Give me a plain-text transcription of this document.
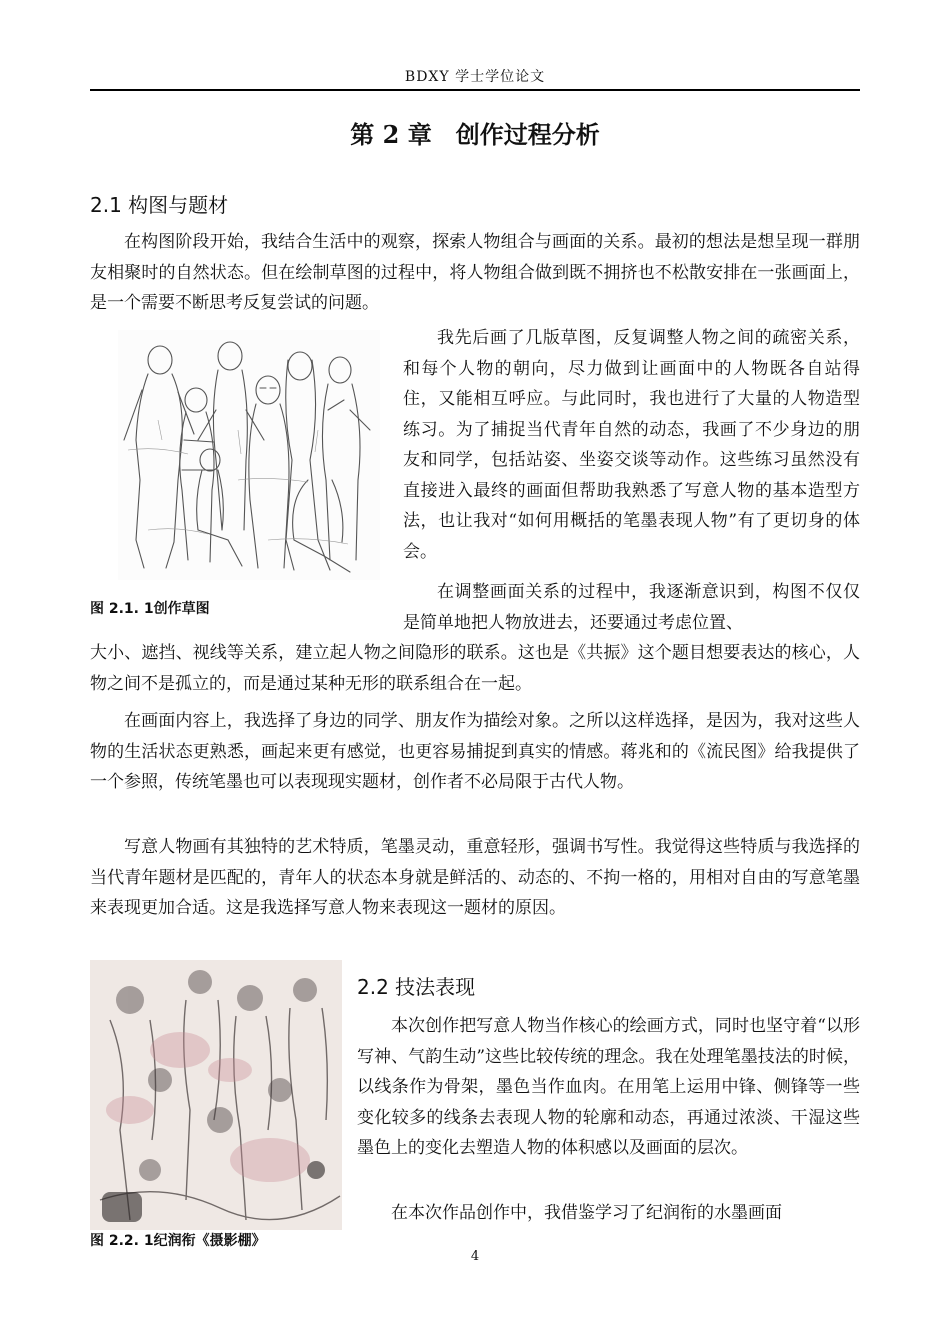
BDXY 学士学位论文
第 2 章　创作过程分析
2.1 构图与题材

在构图阶段开始，我结合生活中的观察，探索人物组合与画面的关系。最初的想法是想呈现一群朋友相聚时的自然状态。但在绘制草图的过程中，将人物组合做到既不拥挤也不松散安排在一张画面上，是一个需要不断思考反复尝试的问题。

图 2.1. 1创作草图

我先后画了几版草图，反复调整人物之间的疏密关系，和每个人物的朝向，尽力做到让画面中的人物既各自站得住，又能相互呼应。与此同时，我也进行了大量的人物造型练习。为了捕捉当代青年自然的动态，我画了不少身边的朋友和同学，包括站姿、坐姿交谈等动作。这些练习虽然没有直接进入最终的画面但帮助我熟悉了写意人物的基本造型方法，也让我对“如何用概括的笔墨表现人物”有了更切身的体会。

在调整画面关系的过程中，我逐渐意识到，构图不仅仅是简单地把人物放进去，还要通过考虑位置、

大小、遮挡、视线等关系，建立起人物之间隐形的联系。这也是《共振》这个题目想要表达的核心，人物之间不是孤立的，而是通过某种无形的联系组合在一起。

在画面内容上，我选择了身边的同学、朋友作为描绘对象。之所以这样选择，是因为，我对这些人物的生活状态更熟悉，画起来更有感觉，也更容易捕捉到真实的情感。蒋兆和的《流民图》给我提供了一个参照，传统笔墨也可以表现现实题材，创作者不必局限于古代人物。

写意人物画有其独特的艺术特质，笔墨灵动，重意轻形，强调书写性。我觉得这些特质与我选择的当代青年题材是匹配的，青年人的状态本身就是鲜活的、动态的、不拘一格的，用相对自由的写意笔墨来表现更加合适。这是我选择写意人物来表现这一题材的原因。

图 2.2. 1纪润衔《摄影棚》
2.2 技法表现

本次创作把写意人物当作核心的绘画方式，同时也坚守着“以形写神、气韵生动”这些比较传统的理念。我在处理笔墨技法的时候，以线条作为骨架，墨色当作血肉。在用笔上运用中锋、侧锋等一些变化较多的线条去表现人物的轮廓和动态，再通过浓淡、干湿这些墨色上的变化去塑造人物的体积感以及画面的层次。

在本次作品创作中，我借鉴学习了纪润衔的水墨画面

4
